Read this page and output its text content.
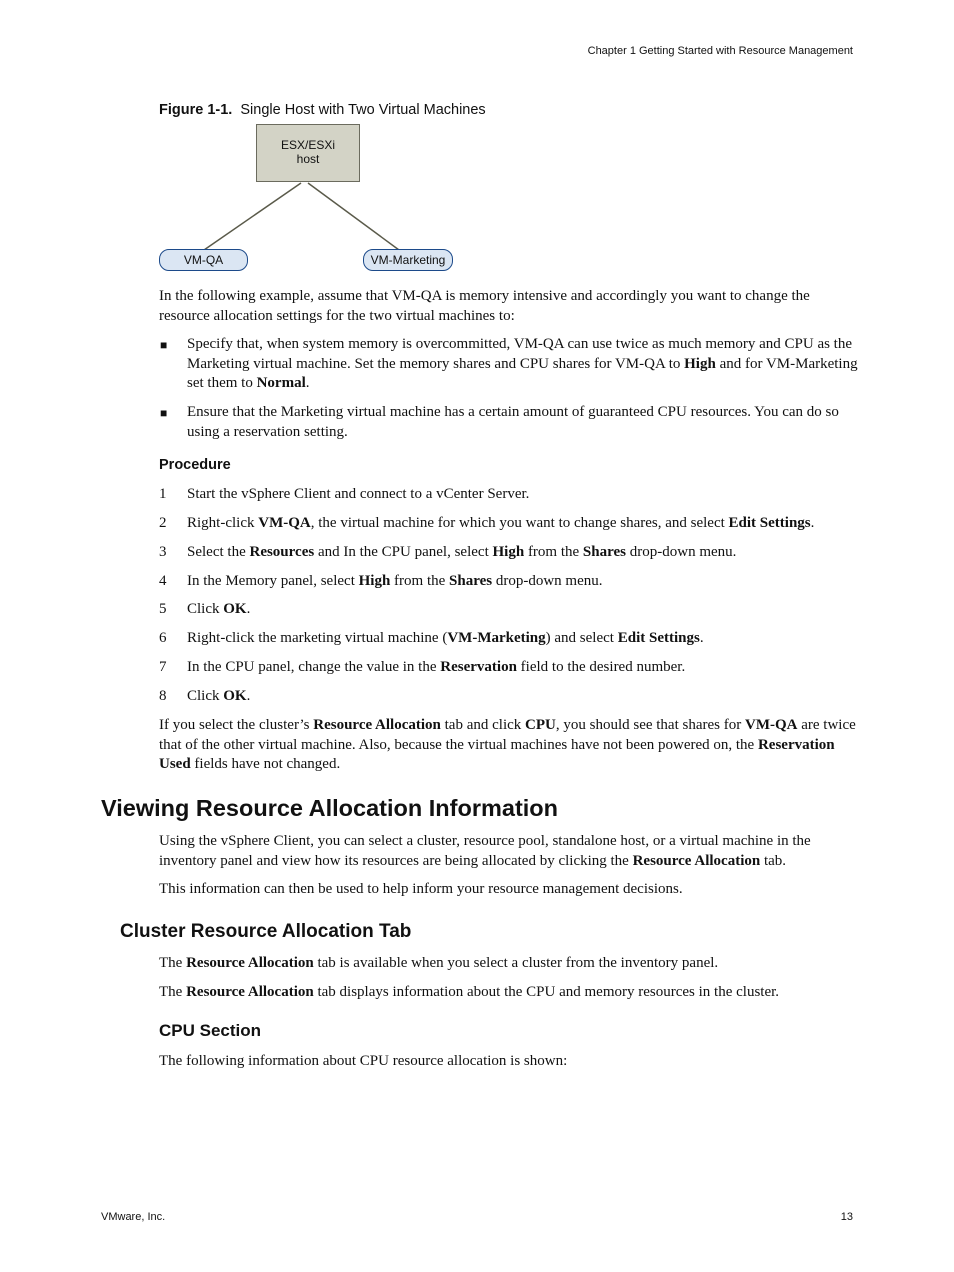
Chapter 1 Getting Started with Resource Management
Figure 1-1. Single Host with Two Virtual Machines
ESX/ESXi
host
VM-QA	VM-Marketing
In the following example, assume that VM-QA is memory intensive and accordingly you want to change the resource allocation settings for the two virtual machines to:
■ Specify that, when system memory is overcommitted, VM-QA can use twice as much memory and CPU as the Marketing virtual machine. Set the memory shares and CPU shares for VM-QA to High and for VM-Marketing set them to Normal.
■ Ensure that the Marketing virtual machine has a certain amount of guaranteed CPU resources. You can do so using a reservation setting.
Procedure
1	Start the vSphere Client and connect to a vCenter Server.
2	Right-click VM-QA, the virtual machine for which you want to change shares, and select Edit Settings.
3	Select the Resources and In the CPU panel, select High from the Shares drop-down menu.
4	In the Memory panel, select High from the Shares drop-down menu.
5	Click OK.
6	Right-click the marketing virtual machine (VM-Marketing) and select Edit Settings.
7	In the CPU panel, change the value in the Reservation field to the desired number.
8	Click OK.
If you select the cluster’s Resource Allocation tab and click CPU, you should see that shares for VM-QA are twice that of the other virtual machine. Also, because the virtual machines have not been powered on, the Reservation Used fields have not changed.
Viewing Resource Allocation Information
Using the vSphere Client, you can select a cluster, resource pool, standalone host, or a virtual machine in the inventory panel and view how its resources are being allocated by clicking the Resource Allocation tab.
This information can then be used to help inform your resource management decisions.
Cluster Resource Allocation Tab
The Resource Allocation tab is available when you select a cluster from the inventory panel.
The Resource Allocation tab displays information about the CPU and memory resources in the cluster.
CPU Section
The following information about CPU resource allocation is shown:
VMware, Inc.	13
